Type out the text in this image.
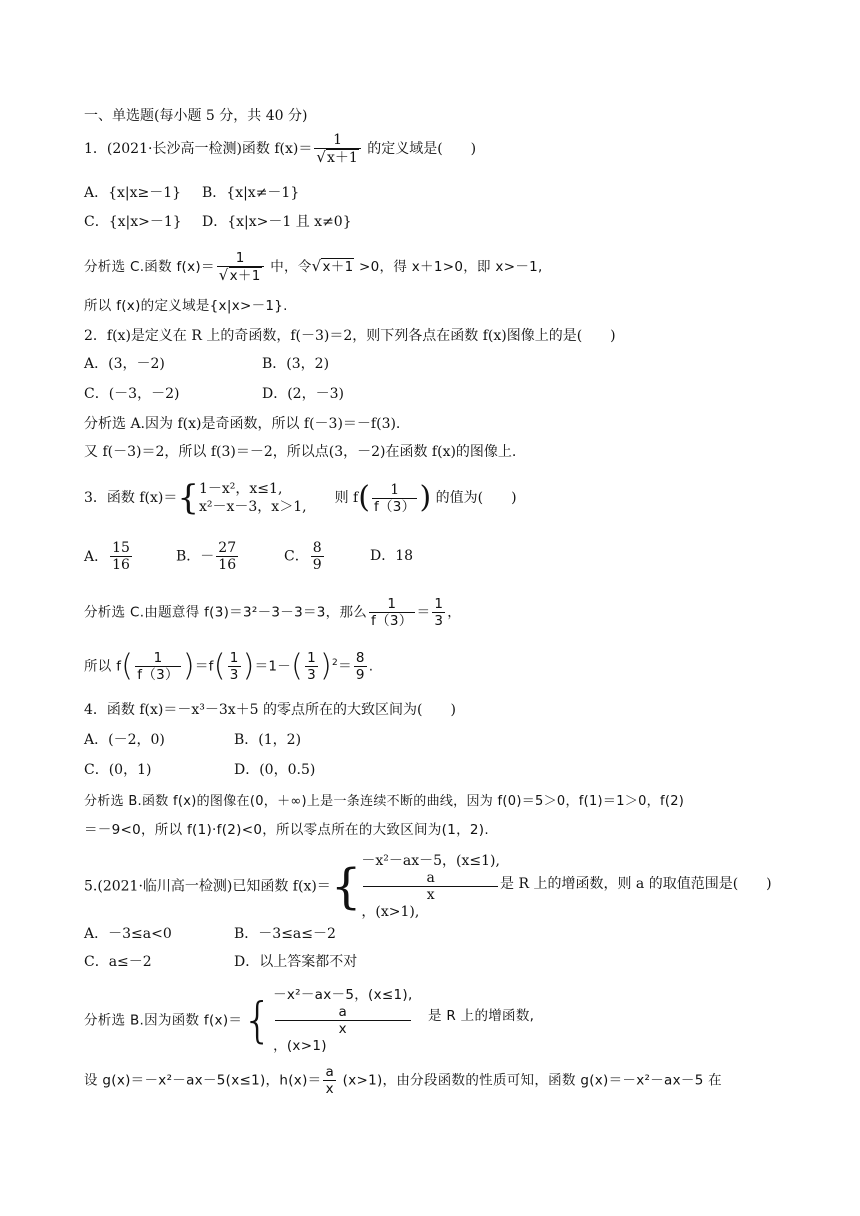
一、单选题(每小题 5 分，共 40 分)
1．(2021·长沙高一检测)函数 $f(x)= \frac{1}{√x+1}$ 的定义域是(　　)
A．{x|x≥－1} B．{x|x≠－1}
C．{x|x>－1} D．{x|x>－1 且 x≠0}
分析选 C.函数 $f(x)= \frac{1}{√x+1}$ 中，令√x＋1 >0，得 x＋1>0，即 x>－1,
所以 f(x)的定义域是{x|x>－1}.
2．f(x)是定义在 R 上的奇函数，f(－3)＝2，则下列各点在函数 f(x)图像上的是(　　)
A．(3，－2)	B．(3，2)
C．(－3，－2)	D．(2，－3)
分析选 A.因为 f(x)是奇函数，所以 f(－3)＝－f(3).
又 f(－3)＝2，所以 f(3)＝－2，所以点(3，－2)在函数 f(x)的图像上.
3．函数 f(x)＝{ 1－x²，x≤1,
x²－x－3，x＞1,
则 $f( \frac{1}{f(3)}$ ) 的值为(　　)
A． $\frac{15}{16}$	B．－ $\frac{27}{16}$	C． $\frac{8}{9}$	D．18
分析选 C.由题意得 f(3)＝3²－3－3＝3，那么 $\frac{1}{f(3)} = \frac{1}{3}$ ，
所以 $f( \frac{1}{f(3)} )=f( \frac{1}{3} )=1-( \frac{1}{3} )^2= \frac{8}{9}$ .
4．函数 f(x)＝－x³－3x＋5 的零点所在的大致区间为(　　)
A．(－2，0)	B．(1，2)
C．(0，1)	D．(0，0.5)
分析选 B.函数 f(x)的图像在(0，＋∞)上是一条连续不断的曲线，因为 f(0)＝5＞0，f(1)＝1＞0，f(2)
＝－9<0，所以 f(1)·f(2)<0，所以零点所在的大致区间为(1，2).
5.(2021·临川高一检测)已知函数 f(x)＝{ －x²－ax－5，(x≤1),
a
x
，(x>1),
是 R 上的增函数，则 a 的取值范围是(　　)
A．－3≤a<0	B．－3≤a≤－2
C．a≤－2	D．以上答案都不对
分析选 B.因为函数 f(x)＝{ －x²－ax－5，(x≤1),
a
x
，(x>1)
是 R 上的增函数,
设 g(x)＝－x²－ax－5(x≤1)，$h(x)= \frac{a}{x} (x>1)$，由分段函数的性质可知，函数 g(x)＝－x²－ax－5 在
